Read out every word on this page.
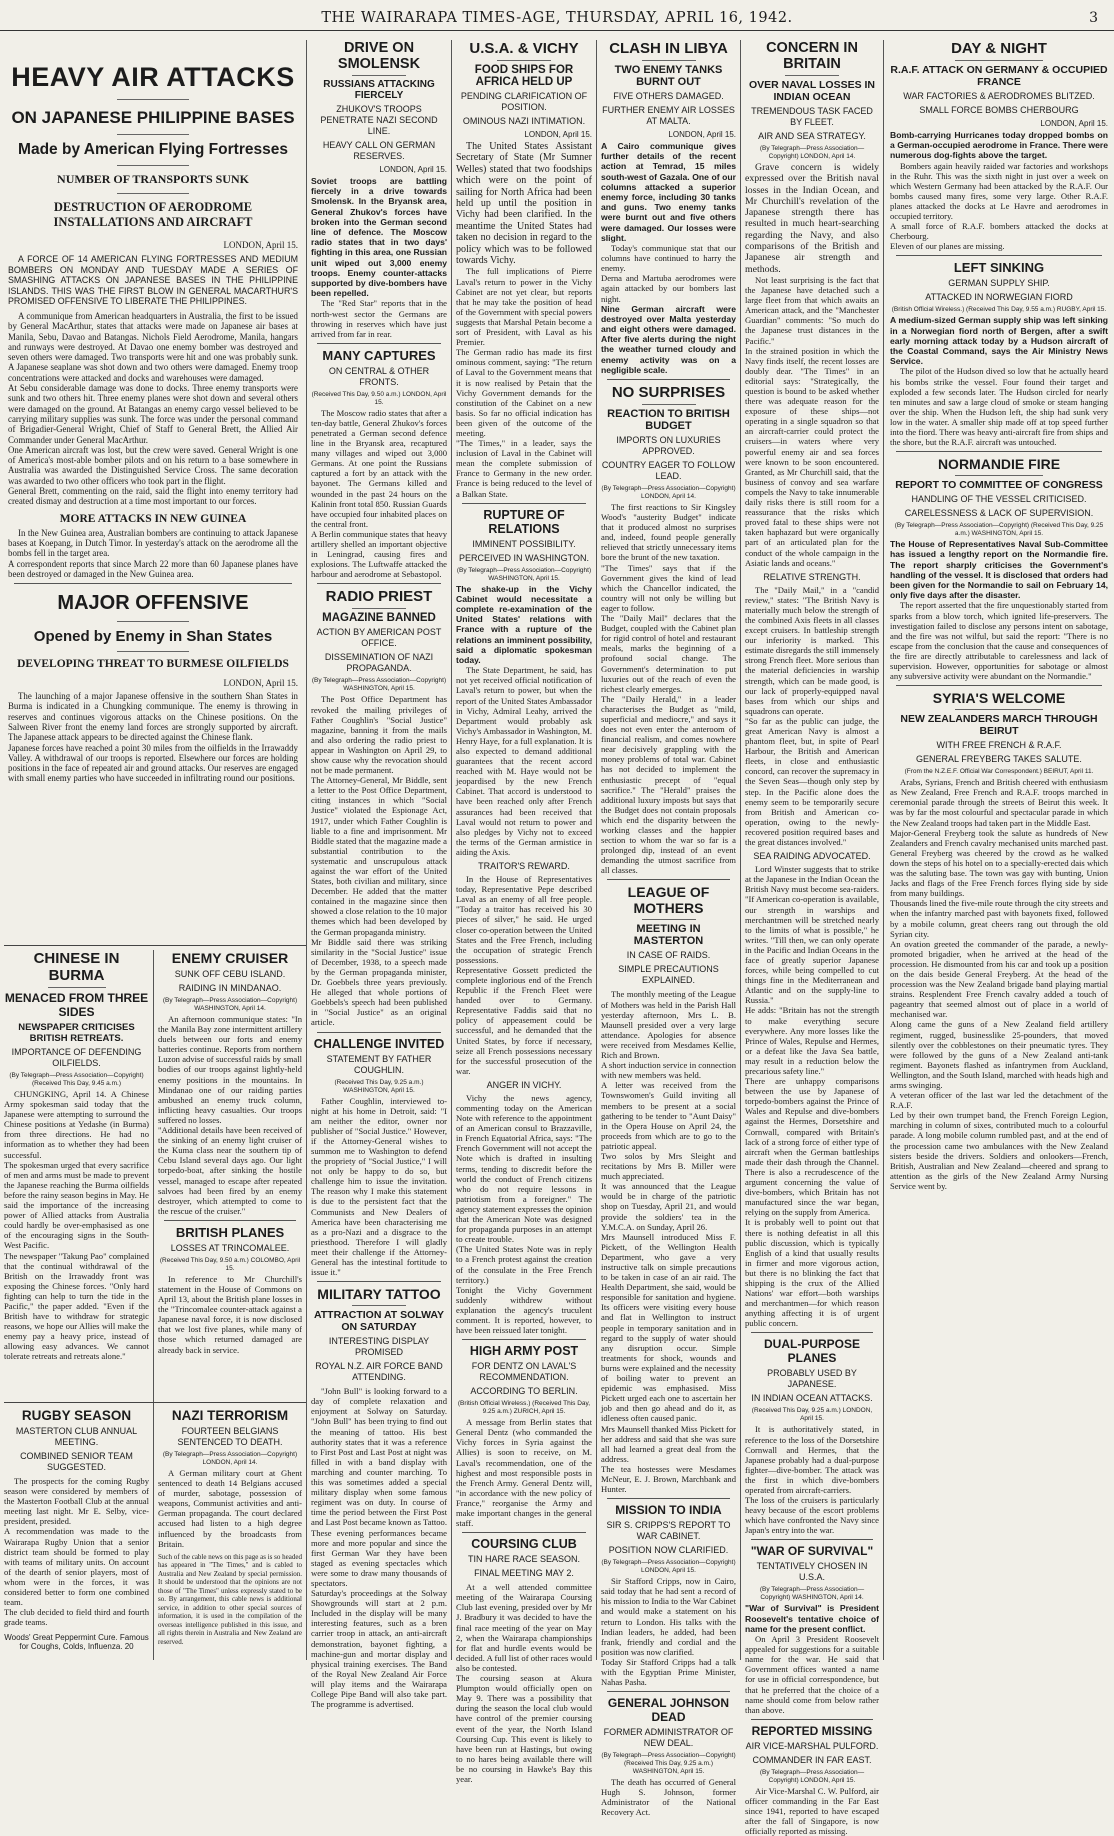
THE WAIRARAPA TIMES-AGE, THURSDAY, APRIL 16, 1942.	3
HEAVY AIR ATTACKS
ON JAPANESE PHILIPPINE BASES
Made by American Flying Fortresses
NUMBER OF TRANSPORTS SUNK
DESTRUCTION OF AERODROME INSTALLATIONS AND AIRCRAFT
LONDON, April 15.

A FORCE OF 14 AMERICAN FLYING FORTRESSES AND MEDIUM BOMBERS ON MONDAY AND TUESDAY MADE A SERIES OF SMASHING ATTACKS ON JAPANESE BASES IN THE PHILIPPINE ISLANDS. THIS WAS THE FIRST BLOW IN GENERAL MACARTHUR'S PROMISED OFFENSIVE TO LIBERATE THE PHILIPPINES.

A communique from American headquarters in Australia, the first to be issued by General MacArthur, states that attacks were made on Japanese air bases at Manila, Sebu, Davao and Batangas. Nichols Field Aerodrome, Manila, hangars and runways were destroyed. At Davao one enemy bomber was destroyed and seven others were damaged. Two transports were hit and one was probably sunk. A Japanese seaplane was shot down and two others were damaged. Enemy troop concentrations were attacked and docks and warehouses were damaged.
At Sebu considerable damage was done to docks. Three enemy transports were sunk and two others hit. Three enemy planes were shot down and several others were damaged on the ground. At Batangas an enemy cargo vessel believed to be carrying military supplies was sunk. The force was under the personal command of Brigadier-General Wright, Chief of Staff to General Brett, the Allied Air Commander under General MacArthur.
One American aircraft was lost, but the crew were saved. General Wright is one of America's most-able bomber pilots and on his return to a base somewhere in Australia was awarded the Distinguished Service Cross. The same decoration was awarded to two other officers who took part in the flight.
General Brett, commenting on the raid, said the flight into enemy territory had created dismay and destruction at a time most important to our forces.

MORE ATTACKS IN NEW GUINEA

In the New Guinea area, Australian bombers are continuing to attack Japanese bases at Koepang, in Dutch Timor. In yesterday's attack on the aerodrome all the bombs fell in the target area.
A correspondent reports that since March 22 more than 60 Japanese planes have been destroyed or damaged in the New Guinea area.

MAJOR OFFENSIVE
Opened by Enemy in Shan States
DEVELOPING THREAT TO BURMESE OILFIELDS
LONDON, April 15.

The launching of a major Japanese offensive in the southern Shan States in Burma is indicated in a Chungking communique. The enemy is throwing in reserves and continues vigorous attacks on the Chinese positions. On the Salween River front the enemy land forces are strongly supported by aircraft. The Japanese attack appears to be directed against the Chinese flank.
Japanese forces have reached a point 30 miles from the oilfields in the Irrawaddy Valley. A withdrawal of our troops is reported. Elsewhere our forces are holding positions in the face of repeated air and ground attacks. Our reserves are engaged with small enemy parties who have succeeded in infiltrating round our positions.

CHINESE IN BURMA
MENACED FROM THREE SIDES
NEWSPAPER CRITICISES BRITISH RETREATS.
IMPORTANCE OF DEFENDING OILFIELDS.
(By Telegraph—Press Association—Copyright) (Received This Day, 9.45 a.m.)

CHUNGKING, April 14. A Chinese Army spokesman said today that the Japanese were attempting to surround the Chinese positions at Yedashe (in Burma) from three directions. He had no information as to whether they had been successful.
The spokesman urged that every sacrifice of men and arms must be made to prevent the Japanese reaching the Burma oilfields before the rainy season begins in May. He said the importance of the increasing power of Allied attacks from Australia could hardly be over-emphasised as one of the encouraging signs in the South-West Pacific.
The newspaper "Takung Pao" complained that the continual withdrawal of the British on the Irrawaddy front was exposing the Chinese forces. "Only hard fighting can help to turn the tide in the Pacific," the paper added. "Even if the British have to withdraw for strategic reasons, we hope our Allies will make the enemy pay a heavy price, instead of allowing easy advances. We cannot tolerate retreats and retreats alone."

ENEMY CRUISER
SUNK OFF CEBU ISLAND.
RAIDING IN MINDANAO.
(By Telegraph—Press Association—Copyright) WASHINGTON, April 14.

An afternoon communique states: "In the Manila Bay zone intermittent artillery duels between our forts and enemy batteries continue. Reports from northern Luzon advise of successful raids by small bodies of our troops against lightly-held enemy positions in the mountains. In Mindanao one of our raiding parties ambushed an enemy truck column, inflicting heavy casualties. Our troops suffered no losses.
"Additional details have been received of the sinking of an enemy light cruiser of the Kuma class near the southern tip of Cebu Island several days ago. Our light torpedo-boat, after sinking the hostile vessel, managed to escape after repeated salvoes had been fired by an enemy destroyer, which attempted to come to the rescue of the cruiser."

BRITISH PLANES
LOSSES AT TRINCOMALEE.
(Received This Day, 9.50 a.m.) COLOMBO, April 15.

In reference to Mr Churchill's statement in the House of Commons on April 13, about the British plane losses in the "Trincomalee counter-attack against a Japanese naval force, it is now disclosed that we lost five planes, while many of those which returned damaged are already back in service.

RUGBY SEASON
MASTERTON CLUB ANNUAL MEETING.
COMBINED SENIOR TEAM SUGGESTED.

The prospects for the coming Rugby season were considered by members of the Masterton Football Club at the annual meeting last night. Mr E. Selby, vice-president, presided.
A recommendation was made to the Wairarapa Rugby Union that a senior district team should be formed to play with teams of military units. On account of the dearth of senior players, most of whom were in the forces, it was considered better to form one combined team.
The club decided to field third and fourth grade teams.

Woods' Great Peppermint Cure. Famous for Coughs, Colds, Influenza. 20
NAZI TERRORISM
FOURTEEN BELGIANS SENTENCED TO DEATH.
(By Telegraph—Press Association—Copyright) LONDON, April 14.

A German military court at Ghent sentenced to death 14 Belgians accused of murder, sabotage, possession of weapons, Communist activities and anti-German propaganda. The court declared accused had listen to a high degree influenced by the broadcasts from Britain.

Such of the cable news on this page as is so headed has appeared in "The Times," and is cabled to Australia and New Zealand by special permission. It should be understood that the opinions are not those of "The Times" unless expressly stated to be so. By arrangement, this cable news is additional service, in addition to other special sources of information, it is used in the compilation of the overseas intelligence published in this issue, and all rights therein in Australia and New Zealand are reserved.
DRIVE ON SMOLENSK
RUSSIANS ATTACKING FIERCELY
ZHUKOV'S TROOPS PENETRATE NAZI SECOND LINE.
HEAVY CALL ON GERMAN RESERVES.
LONDON, April 15.

Soviet troops are battling fiercely in a drive towards Smolensk. In the Bryansk area, General Zhukov's forces have broken into the German second line of defence. The Moscow radio states that in two days' fighting in this area, one Russian unit wiped out 3,000 enemy troops. Enemy counter-attacks supported by dive-bombers have been repelled.

The "Red Star" reports that in the north-west sector the Germans are throwing in reserves which have just arrived from far in rear.

MANY CAPTURES
ON CENTRAL & OTHER FRONTS.
(Received This Day, 9.50 a.m.) LONDON, April 15.

The Moscow radio states that after a ten-day battle, General Zhukov's forces penetrated a German second defence line in the Bryansk area, recaptured many villages and wiped out 3,000 Germans. At one point the Russians captured a fort by an attack with the bayonet. The Germans killed and wounded in the past 24 hours on the Kalinin front total 850. Russian Guards have occupied four inhabited places on the central front.
A Berlin communique states that heavy artillery shelled an important objective in Leningrad, causing fires and explosions. The Luftwaffe attacked the harbour and aerodrome at Sebastopol.

RADIO PRIEST
MAGAZINE BANNED
ACTION BY AMERICAN POST OFFICE.
DISSEMINATION OF NAZI PROPAGANDA.
(By Telegraph—Press Association—Copyright) WASHINGTON, April 15.

The Post Office Department has revoked the mailing privileges of Father Coughlin's "Social Justice" magazine, banning it from the mails and also ordering the radio priest to appear in Washington on April 29, to show cause why the revocation should not be made permanent.
The Attorney-General, Mr Biddle, sent a letter to the Post Office Department, citing instances in which "Social Justice" violated the Espionage Act, 1917, under which Father Coughlin is liable to a fine and imprisonment. Mr Biddle stated that the magazine made a substantial contribution to the systematic and unscrupulous attack against the war effort of the United States, both civilian and military, since December. He added that the matter contained in the magazine since then showed a close relation to the 10 major themes which had been developed by the German propaganda ministry.
Mr Biddle said there was striking similarity in the "Social Justice" issue of December, 1938, to a speech made by the German propaganda minister, Dr. Goebbels three years previously. He alleged that whole portions of Goebbels's speech had been published in "Social Justice" as an original article.

CHALLENGE INVITED
STATEMENT BY FATHER COUGHLIN.
(Received This Day, 9.25 a.m.) WASHINGTON, April 15.

Father Coughlin, interviewed to-night at his home in Detroit, said: "I am neither the editor, owner nor publisher of "Social Justice." However, if the Attorney-General wishes to summon me to Washington to defend the propriety of "Social Justice," I will not only be happy to do so, but challenge him to issue the invitation. The reason why I make this statement is due to the persistent fact that the Communists and New Dealers of America have been characterising me as a pro-Nazi and a disgrace to the priesthood. Therefore I will gladly meet their challenge if the Attorney-General has the intestinal fortitude to issue it."

MILITARY TATTOO
ATTRACTION AT SOLWAY ON SATURDAY
INTERESTING DISPLAY PROMISED
ROYAL N.Z. AIR FORCE BAND ATTENDING.

"John Bull" is looking forward to a day of complete relaxation and enjoyment at Solway on Saturday. "John Bull" has been trying to find out the meaning of tattoo. His best authority states that it was a reference to First Post and Last Post at night was filled in with a band display with marching and counter marching. To this was sometimes added a special military display when some famous regiment was on duty. In course of time the period between the First Post and Last Post became known as Tattoo. These evening performances became more and more popular and since the first German War they have been staged as evening spectacles which were some to draw many thousands of spectators.
Saturday's proceedings at the Solway Showgrounds will start at 2 p.m. Included in the display will be many interesting features, such as a bren carrier troop in attack, an anti-aircraft demonstration, bayonet fighting, a machine-gun and mortar display and physical training exercises. The Band of the Royal New Zealand Air Force will play items and the Wairarapa College Pipe Band will also take part. The programme is advertised.

U.S.A. & VICHY
FOOD SHIPS FOR AFRICA HELD UP
PENDING CLARIFICATION OF POSITION.
OMINOUS NAZI INTIMATION.
LONDON, April 15.

The United States Assistant Secretary of State (Mr Sumner Welles) stated that two foodships which were on the point of sailing for North Africa had been held up until the position in Vichy had been clarified. In the meantime the United States had taken no decision in regard to the policy which was to be followed towards Vichy.

The full implications of Pierre Laval's return to power in the Vichy Cabinet are not yet clear, but reports that he may take the position of head of the Government with special powers suggests that Marshal Petain become a sort of President, with Laval as his Premier.
The German radio has made its first ominous comment, saying: "The return of Laval to the Government means that it is now realised by Petain that the Vichy Government demands for the constitution of the Cabinet on a new basis. So far no official indication has been given of the outcome of the meeting.
"The Times," in a leader, says the inclusion of Laval in the Cabinet will mean the complete submission of France to Germany in the new order. France is being reduced to the level of a Balkan State.

RUPTURE OF RELATIONS
IMMINENT POSSIBILITY.
PERCEIVED IN WASHINGTON.
(By Telegraph—Press Association—Copyright) WASHINGTON, April 15.

The shake-up in the Vichy Cabinet would necessitate a complete re-examination of the United States' relations with France with a rupture of the relations an imminent possibility, said a diplomatic spokesman today.

The State Department, he said, has not yet received official notification of Laval's return to power, but when the report of the United States Ambassador in Vichy, Admiral Leahy, arrived the Department would probably ask Vichy's Ambassador in Washington, M. Henry Haye, for a full explanation. It is also expected to demand additional guarantees that the recent accord reached with M. Haye would not be jeopardised by the new French Cabinet. That accord is understood to have been reached only after French assurances had been received that Laval would not return to power and also pledges by Vichy not to exceed the terms of the German armistice in aiding the Axis.

TRAITOR'S REWARD.

In the House of Representatives today, Representative Pepe described Laval as an enemy of all free people. "Today a traitor has received his 30 pieces of silver," he said. He urged closer co-operation between the United States and the Free French, including the occupation of strategic French possessions.
Representative Gossett predicted the complete inglorious end of the French Republic if the French Fleet were handed over to Germany. Representative Faddis said that no policy of appeasement could be successful, and he demanded that the United States, by force if necessary, seize all French possessions necessary for the successful prosecution of the war.

ANGER IN VICHY.

Vichy the news agency, commenting today on the American Note with reference to the appointment of an American consul to Brazzaville, in French Equatorial Africa, says: "The French Government will not accept the Note which is drafted in insulting terms, tending to discredit before the world the conduct of French citizens who do not require lessons in patriotism from a foreigner." The agency statement expresses the opinion that the American Note was designed for propaganda purposes in an attempt to create trouble.
(The United States Note was in reply to a French protest against the creation of the consulate in the Free French territory.)
Tonight the Vichy Government suddenly withdrew without explanation the agency's truculent comment. It is reported, however, to have been reissued later tonight.

HIGH ARMY POST
FOR DENTZ ON LAVAL'S RECOMMENDATION.
ACCORDING TO BERLIN.
(British Official Wireless.) (Received This Day, 9.25 a.m.) ZURICH, April 15.

A message from Berlin states that General Dentz (who commanded the Vichy forces in Syria against the Allies) is soon to receive, on M. Laval's recommendation, one of the highest and most responsible posts in the French Army. General Dentz will, "in accordance with the new policy of France," reorganise the Army and make important changes in the general staff.

COURSING CLUB
TIN HARE RACE SEASON.
FINAL MEETING MAY 2.

At a well attended committee meeting of the Wairarapa Coursing Club last evening, presided over by Mr J. Bradbury it was decided to have the final race meeting of the year on May 2, when the Wairarapa championships for flat and hurdle events would be decided. A full list of other races would also be contested.
The coursing season at Akura Plumpton would officially open on May 9. There was a possibility that during the season the local club would have control of the premier coursing event of the year, the North Island Coursing Cup. This event is likely to have been run at Hastings, but owing to no hares being available there will be no coursing in Hawke's Bay this year.

CLASH IN LIBYA
TWO ENEMY TANKS BURNT OUT
FIVE OTHERS DAMAGED.
FURTHER ENEMY AIR LOSSES AT MALTA.
LONDON, April 15.

A Cairo communique gives further details of the recent action at Temrad, 15 miles south-west of Gazala. One of our columns attacked a superior enemy force, including 30 tanks and guns. Two enemy tanks were burnt out and five others were damaged. Our losses were slight.

Today's communique stat that our columns have continued to harry the enemy.
Derna and Martuba aerodromes were again attacked by our bombers last night.

Nine German aircraft were destroyed over Malta yesterday and eight others were damaged. After five alerts during the night the weather turned cloudy and enemy activity was on a negligible scale.

NO SURPRISES
REACTION TO BRITISH BUDGET
IMPORTS ON LUXURIES APPROVED.
COUNTRY EAGER TO FOLLOW LEAD.
(By Telegraph—Press Association—Copyright) LONDON, April 14.

The first reactions to Sir Kingsley Wood's "austerity Budget" indicate that it produced almost no surprises and, indeed, found people generally relieved that strictly unnecessary items bore the brunt of the new taxation.
"The Times" says that if the Government gives the kind of lead which the Chancellor indicated, the country will not only be willing but eager to follow.
The "Daily Mail" declares that the Budget, coupled with the Cabinet plan for rigid control of hotel and restaurant meals, marks the beginning of a profound social change. The Government's determination to put luxuries out of the reach of even the richest clearly emerges.
The "Daily Herald," in a leader characterises the Budget as "mild, superficial and mediocre," and says it does not even enter the anteroom of financial realism, and comes nowhere near decisively grappling with the money problems of total war. Cabinet has not decided to implement the enthusiastic precept of "equal sacrifice." The "Herald" praises the additional luxury imposts but says that the Budget does not contain proposals which end the disparity between the working classes and the happier section to whom the war so far is a prolonged dip, instead of an event demanding the utmost sacrifice from all classes.

LEAGUE OF MOTHERS
MEETING IN MASTERTON
IN CASE OF RAIDS.
SIMPLE PRECAUTIONS EXPLAINED.

The monthly meeting of the League of Mothers was held in the Parish Hall yesterday afternoon, Mrs L. B. Maunsell presided over a very large attendance. Apologies for absence were received from Mesdames Kellie, Rich and Brown.
A short induction service in connection with new members was held.
A letter was received from the Townswomen's Guild inviting all members to be present at a social gathering to be tender to "Aunt Daisy" in the Opera House on April 24, the proceeds from which are to go to the patriotic appeal.
Two solos by Mrs Sleight and recitations by Mrs B. Miller were much appreciated.
It was announced that the League would be in charge of the patriotic shop on Tuesday, April 21, and would provide the soldiers' tea in the Y.M.C.A. on Sunday, April 26.
Mrs Maunsell introduced Miss F. Pickett, of the Wellington Health Department, who gave a very instructive talk on simple precautions to be taken in case of an air raid. The Health Department, she said, would be responsible for sanitation and hygiene. Its officers were visiting every house and flat in Wellington to instruct people in temporary sanitation and in regard to the supply of water should any disruption occur. Simple treatments for shock, wounds and burns were explained and the necessity of boiling water to prevent an epidemic was emphasised. Miss Pickett urged each one to ascertain her job and then go ahead and do it, as idleness often caused panic.
Mrs Maunsell thanked Miss Pickett for her address and said that she was sure all had learned a great deal from the address.
The tea hostesses were Mesdames McNeur, E. J. Brown, Marchbank and Hunter.

MISSION TO INDIA
SIR S. CRIPPS'S REPORT TO WAR CABINET.
POSITION NOW CLARIFIED.
(By Telegraph—Press Association—Copyright) LONDON, April 15.

Sir Stafford Cripps, now in Cairo, said today that he had sent a record of his mission to India to the War Cabinet and would make a statement on his return to London. His talks with the Indian leaders, he added, had been frank, friendly and cordial and the position was now clarified.
Today Sir Stafford Cripps had a talk with the Egyptian Prime Minister, Nahas Pasha.

GENERAL JOHNSON DEAD
FORMER ADMINISTRATOR OF NEW DEAL.
(By Telegraph—Press Association—Copyright) (Received This Day, 9.25 a.m.) WASHINGTON, April 15.

The death has occurred of General Hugh S. Johnson, former Administrator of the National Recovery Act.

CONCERN IN BRITAIN
OVER NAVAL LOSSES IN INDIAN OCEAN
TREMENDOUS TASK FACED BY FLEET.
AIR AND SEA STRATEGY.
(By Telegraph—Press Association—Copyright) LONDON, April 14.

Grave concern is widely expressed over the British naval losses in the Indian Ocean, and Mr Churchill's revelation of the Japanese strength there has resulted in much heart-searching regarding the Navy, and also comparisons of the British and Japanese air strength and methods.

Not least surprising is the fact that the Japanese have detached such a large fleet from that which awaits an American attack, and the "Manchester Guardian" comments: "So much do the Japanese trust distances in the Pacific."
In the strained position in which the Navy finds itself, the recent losses are doubly dear. "The Times" in an editorial says: "Strategically, the question is bound to be asked whether there was adequate reason for the exposure of these ships—not operating in a single squadron so that an aircraft-carrier could protect the cruisers—in waters where very powerful enemy air and sea forces were known to be soon encountered. Granted, as Mr Churchill said, that the business of convoy and sea warfare compels the Navy to take innumerable daily risks there is still room for a reassurance that the risks which proved fatal to these ships were not taken haphazard but were organically part of an articulated plan for the conduct of the whole campaign in the Asiatic lands and oceans."

RELATIVE STRENGTH.

The "Daily Mail," in a "candid review," states: "The British Navy is materially much below the strength of the combined Axis fleets in all classes except cruisers. In battleship strength our inferiority is marked. This estimate disregards the still immensely strong French fleet. More serious than the material deficiencies in warship strength, which can be made good, is our lack of properly-equipped naval bases from which our ships and squadrons can operate.
"So far as the public can judge, the great American Navy is almost a phantom fleet, but, in spite of Pearl Harbour, the British and American fleets, in close and enthusiastic concord, can recover the supremacy in the Seven Seas—though only step by step. In the Pacific alone does the enemy seem to be temporarily secure from British and American co-operation, owing to the newly-recovered position required bases and the great distances involved."

SEA RAIDING ADVOCATED.

Lord Winster suggests that to strike at the Japanese in the Indian Ocean the British Navy must become sea-raiders. "If American co-operation is available, our strength in warships and merchantmen will be stretched nearly to the limits of what is possible," he writes. "Till then, we can only operate in the Pacific and Indian Oceans in the face of greatly superior Japanese forces, while being compelled to cut things fine in the Mediterranean and Atlantic and on the supply-line to Russia."
He adds: "Britain has not the strength to make everything secure everywhere. Any more losses like the Prince of Wales, Repulse and Hermes, or a defeat like the Java Sea battle, may result in a reduction below the precarious safety line."
There are unhappy comparisons between the use by Japanese of torpedo-bombers against the Prince of Wales and Repulse and dive-bombers against the Hermes, Dorsetshire and Cornwall, compared with Britain's lack of a strong force of either type of aircraft when the German battleships made their dash through the Channel. There is also a recrudescence of the argument concerning the value of dive-bombers, which Britain has not manufactured since the war began, relying on the supply from America.
It is probably well to point out that there is nothing defeatist in all this public discussion, which is typically English of a kind that usually results in firmer and more vigorous action, but there is no blinking the fact that shipping is the crux of the Allied Nations' war effort—both warships and merchantmen—for which reason anything affecting it is of urgent public concern.

DUAL-PURPOSE PLANES
PROBABLY USED BY JAPANESE.
IN INDIAN OCEAN ATTACKS.
(Received This Day, 9.25 a.m.) LONDON, April 15.

It is authoritatively stated, in reference to the loss of the Dorsetshire Cornwall and Hermes, that the Japanese probably had a dual-purpose fighter—dive-bomber. The attack was the first in which dive-bombers operated from aircraft-carriers.
The loss of the cruisers is particularly heavy because of the escort problems which have confronted the Navy since Japan's entry into the war.

"WAR OF SURVIVAL"
TENTATIVELY CHOSEN IN U.S.A.
(By Telegraph—Press Association—Copyright) WASHINGTON, April 14.

"War of Survival" is President Roosevelt's tentative choice of name for the present conflict.

On April 3 President Roosevelt appealed for suggestions for a suitable name for the war. He said that Government offices wanted a name for use in official correspondence, but that he preferred that the choice of a name should come from below rather than above.

REPORTED MISSING
AIR VICE-MARSHAL PULFORD.
COMMANDER IN FAR EAST.
(By Telegraph—Press Association—Copyright) LONDON, April 15.

Air Vice-Marshal C. W. Pulford, air officer commanding in the Far East since 1941, reported to have escaped after the fall of Singapore, is now officially reported as missing.

DAY & NIGHT
R.A.F. ATTACK ON GERMANY & OCCUPIED FRANCE
WAR FACTORIES & AERODROMES BLITZED.
SMALL FORCE BOMBS CHERBOURG
LONDON, April 15.

Bomb-carrying Hurricanes today dropped bombs on a German-occupied aerodrome in France. There were numerous dog-fights above the target.

Bombers again heavily raided war factories and workshops in the Ruhr. This was the sixth night in just over a week on which Western Germany had been attacked by the R.A.F. Our bombs caused many fires, some very large. Other R.A.F. planes attacked the docks at Le Havre and aerodromes in occupied territory.
A small force of R.A.F. bombers attacked the docks at Cherbourg.
Eleven of our planes are missing.

LEFT SINKING
GERMAN SUPPLY SHIP.
ATTACKED IN NORWEGIAN FIORD
(British Official Wireless.) (Received This Day, 9.55 a.m.) RUGBY, April 15.

A medium-sized German supply ship was left sinking in a Norwegian fiord north of Bergen, after a swift early morning attack today by a Hudson aircraft of the Coastal Command, says the Air Ministry News Service.

The pilot of the Hudson dived so low that he actually heard his bombs strike the vessel. Four found their target and exploded a few seconds later. The Hudson circled for nearly ten minutes and saw a large cloud of smoke or steam hanging over the ship. When the Hudson left, the ship had sunk very low in the water. A smaller ship made off at top speed further into the fiord. There was heavy anti-aircraft fire from ships and the shore, but the R.A.F. aircraft was untouched.

NORMANDIE FIRE
REPORT TO COMMITTEE OF CONGRESS
HANDLING OF THE VESSEL CRITICISED.
CARELESSNESS & LACK OF SUPERVISION.
(By Telegraph—Press Association—Copyright) (Received This Day, 9.25 a.m.) WASHINGTON, April 15.

The House of Representatives Naval Sub-Committee has issued a lengthy report on the Normandie fire. The report sharply criticises the Government's handling of the vessel. It is disclosed that orders had been given for the Normandie to sail on February 14, only five days after the disaster.

The report asserted that the fire unquestionably started from sparks from a blow torch, which ignited life-preservers. The investigation failed to disclose any persons intent on sabotage, and the fire was not wilful, but said the report: "There is no escape from the conclusion that the cause and consequences of the fire are directly attributable to carelessness and lack of supervision. However, opportunities for sabotage or almost any subversive activity were abundant on the Normandie."

SYRIA'S WELCOME
NEW ZEALANDERS MARCH THROUGH BEIRUT
WITH FREE FRENCH & R.A.F.
GENERAL FREYBERG TAKES SALUTE.
(From the N.Z.E.F. Official War Correspondent.) BEIRUT, April 11.

Arabs, Syrians, French and British cheered with enthusiasm as New Zealand, Free French and R.A.F. troops marched in ceremonial parade through the streets of Beirut this week. It was by far the most colourful and spectacular parade in which the New Zealand troops had taken part in the Middle East.
Major-General Freyberg took the salute as hundreds of New Zealanders and French cavalry mechanised units marched past. General Freyberg was cheered by the crowd as he walked down the steps of his hotel on to a specially-erected dais which was the saluting base. The town was gay with bunting, Union Jacks and flags of the Free French forces flying side by side from many buildings.
Thousands lined the five-mile route through the city streets and when the infantry marched past with bayonets fixed, followed by a mobile column, great cheers rang out through the old Syrian city.
An ovation greeted the commander of the parade, a newly-promoted brigadier, when he arrived at the head of the procession. He dismounted from his car and took up a position on the dais beside General Freyberg. At the head of the procession was the New Zealand brigade band playing martial strains. Resplendent Free French cavalry added a touch of pageantry that seemed almost out of place in a world of mechanised war.
Along came the guns of a New Zealand field artillery regiment, rugged, businesslike 25-pounders, that moved silently over the cobblestones on their pneumatic tyres. They were followed by the guns of a New Zealand anti-tank regiment. Bayonets flashed as infantrymen from Auckland, Wellington, and the South Island, marched with heads high and arms swinging.
A veteran officer of the last war led the detachment of the R.A.F.
Led by their own trumpet band, the French Foreign Legion, marching in column of sixes, contributed much to a colourful parade. A long mobile column rumbled past, and at the end of the procession came two ambulances with the New Zealand sisters beside the drivers. Soldiers and onlookers—French, British, Australian and New Zealand—cheered and sprang to attention as the girls of the New Zealand Army Nursing Service went by.
